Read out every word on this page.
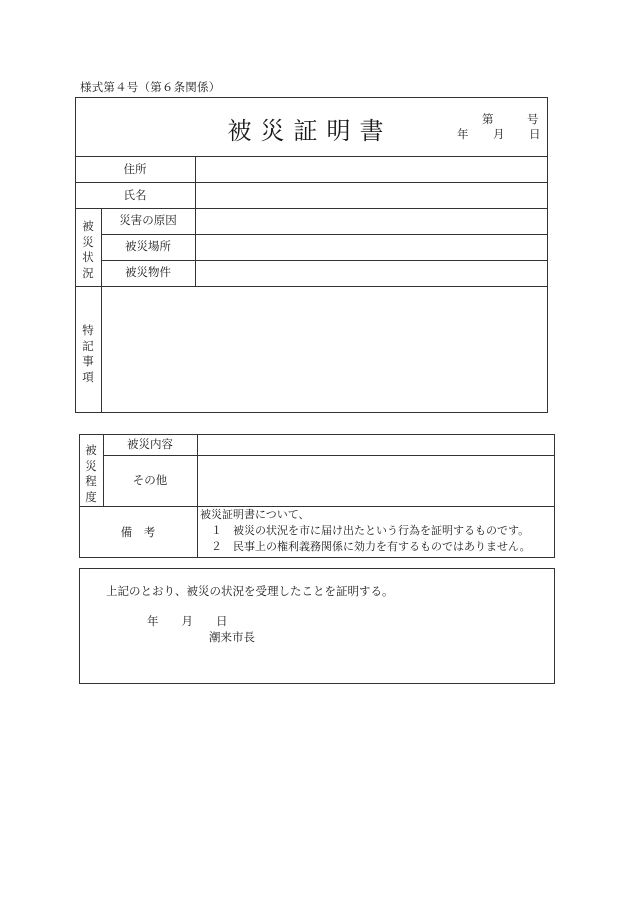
様式第４号（第６条関係）
被災証明書	第	号
年 月 日
住所
氏名
被災状況
災害の原因
被災場所
被災物件
特記事項
被災程度
被災内容
その他
備　考
被災証明書について、
　１　被災の状況を市に届け出たという行為を証明するものです。
　２　民事上の権利義務関係に効力を有するものではありません。
上記のとおり、被災の状況を受理したことを証明する。
年　　月　　日
潮来市長
